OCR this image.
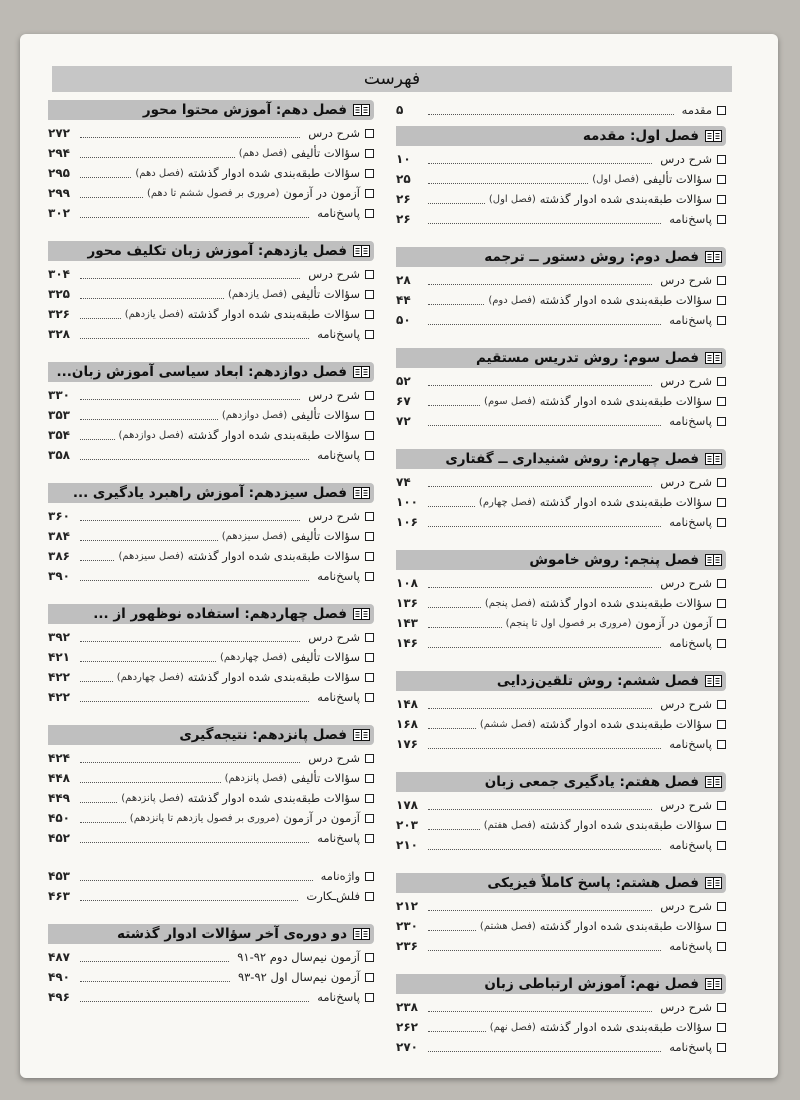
فهرست
مقدمه
۵
فصل اول: مقدمه
شرح درس
۱۰
سؤالات تألیفی
(فصل اول)
۲۵
سؤالات طبقه‌بندی شده ادوار گذشته
(فصل اول)
۲۶
پاسخ‌نامه
۲۶
فصل دوم: روش دستور ــ ترجمه
شرح درس
۲۸
سؤالات طبقه‌بندی شده ادوار گذشته
(فصل دوم)
۴۴
پاسخ‌نامه
۵۰
فصل سوم: روش تدریس مستقیم
شرح درس
۵۲
سؤالات طبقه‌بندی شده ادوار گذشته
(فصل سوم)
۶۷
پاسخ‌نامه
۷۲
فصل چهارم: روش شنیداری ــ گفتاری
شرح درس
۷۴
سؤالات طبقه‌بندی شده ادوار گذشته
(فصل چهارم)
۱۰۰
پاسخ‌نامه
۱۰۶
فصل پنجم: روش خاموش
شرح درس
۱۰۸
سؤالات طبقه‌بندی شده ادوار گذشته
(فصل پنجم)
۱۳۶
آزمون در آزمون
(مروری بر فصول اول تا پنجم)
۱۴۳
پاسخ‌نامه
۱۴۶
فصل ششم: روش تلقین‌زدایی
شرح درس
۱۴۸
سؤالات طبقه‌بندی شده ادوار گذشته
(فصل ششم)
۱۶۸
پاسخ‌نامه
۱۷۶
فصل هفتم: یادگیری جمعی زبان
شرح درس
۱۷۸
سؤالات طبقه‌بندی شده ادوار گذشته
(فصل هفتم)
۲۰۳
پاسخ‌نامه
۲۱۰
فصل هشتم: پاسخ کاملاً فیزیکی
شرح درس
۲۱۲
سؤالات طبقه‌بندی شده ادوار گذشته
(فصل هشتم)
۲۳۰
پاسخ‌نامه
۲۳۶
فصل نهم: آموزش ارتباطی زبان
شرح درس
۲۳۸
سؤالات طبقه‌بندی شده ادوار گذشته
(فصل نهم)
۲۶۲
پاسخ‌نامه
۲۷۰
فصل دهم: آموزش محتوا محور
شرح درس
۲۷۲
سؤالات تألیفی
(فصل دهم)
۲۹۴
سؤالات طبقه‌بندی شده ادوار گذشته
(فصل دهم)
۲۹۵
آزمون در آزمون
(مروری بر فصول ششم تا دهم)
۲۹۹
پاسخ‌نامه
۳۰۲
فصل یازدهم: آموزش زبان تکلیف محور
شرح درس
۳۰۴
سؤالات تألیفی
(فصل یازدهم)
۳۲۵
سؤالات طبقه‌بندی شده ادوار گذشته
(فصل یازدهم)
۳۲۶
پاسخ‌نامه
۳۲۸
فصل دوازدهم: ابعاد سیاسی آموزش زبان...
شرح درس
۳۳۰
سؤالات تألیفی
(فصل دوازدهم)
۳۵۳
سؤالات طبقه‌بندی شده ادوار گذشته
(فصل دوازدهم)
۳۵۴
پاسخ‌نامه
۳۵۸
فصل سیزدهم: آموزش راهبرد یادگیری ...
شرح درس
۳۶۰
سؤالات تألیفی
(فصل سیزدهم)
۳۸۴
سؤالات طبقه‌بندی شده ادوار گذشته
(فصل سیزدهم)
۳۸۶
پاسخ‌نامه
۳۹۰
فصل چهاردهم: استفاده نوظهور از ...
شرح درس
۳۹۲
سؤالات تألیفی
(فصل چهاردهم)
۴۲۱
سؤالات طبقه‌بندی شده ادوار گذشته
(فصل چهاردهم)
۴۲۲
پاسخ‌نامه
۴۲۲
فصل پانزدهم: نتیجه‌گیری
شرح درس
۴۲۴
سؤالات تألیفی
(فصل پانزدهم)
۴۴۸
سؤالات طبقه‌بندی شده ادوار گذشته
(فصل پانزدهم)
۴۴۹
آزمون در آزمون
(مروری بر فصول یازدهم تا پانزدهم)
۴۵۰
پاسخ‌نامه
۴۵۲
واژه‌نامه
۴۵۳
فلش‌ـکارت
۴۶۳
دو دوره‌ی آخر سؤالات ادوار گذشته
آزمون نیم‌سال دوم ۹۲-۹۱
۴۸۷
آزمون نیم‌سال اول ۹۲-۹۳
۴۹۰
پاسخ‌نامه
۴۹۶
